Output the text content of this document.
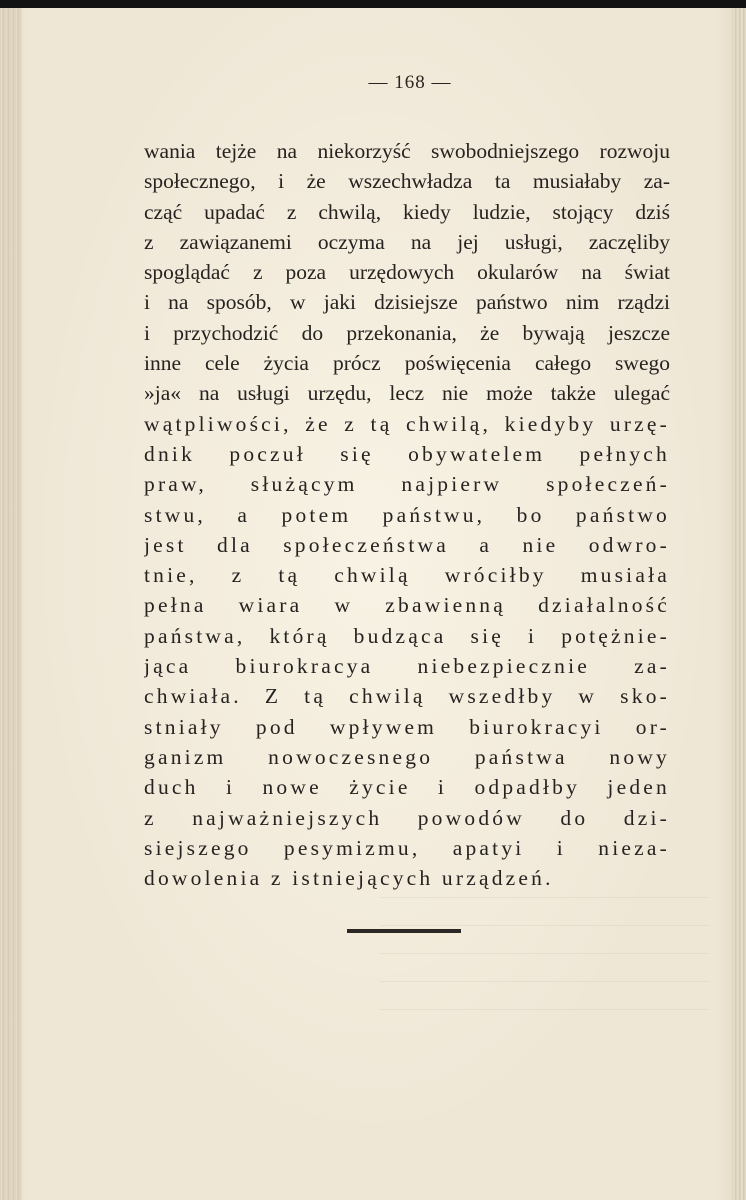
— 168 —
wania tejże na niekorzyść swobodniejszego rozwoju
społecznego, i że wszechwładza ta musiałaby za-
cząć upadać z chwilą, kiedy ludzie, stojący dziś
z zawiązanemi oczyma na jej usługi, zaczęliby
spoglądać z poza urzędowych okularów na świat
i na sposób, w jaki dzisiejsze państwo nim rządzi
i przychodzić do przekonania, że bywają jeszcze
inne cele życia prócz poświęcenia całego swego
»ja« na usługi urzędu, lecz nie może także ulegać
wątpliwości, że z tą chwilą, kiedyby urzę-
dnik poczuł się obywatelem pełnych
praw, służącym najpierw społeczeń-
stwu, a potem państwu, bo państwo
jest dla społeczeństwa a nie odwro-
tnie, z tą chwilą wróciłby musiała
pełna wiara w zbawienną działalność
państwa, którą budząca się i potężnie-
jąca biurokracya niebezpiecznie za-
chwiała. Z tą chwilą wszedłby w sko-
stniały pod wpływem biurokracyi or-
ganizm nowoczesnego państwa nowy
duch i nowe życie i odpadłby jeden
z najważniejszych powodów do dzi-
siejszego pesymizmu, apatyi i nieza-
dowolenia z istniejących urządzeń.
